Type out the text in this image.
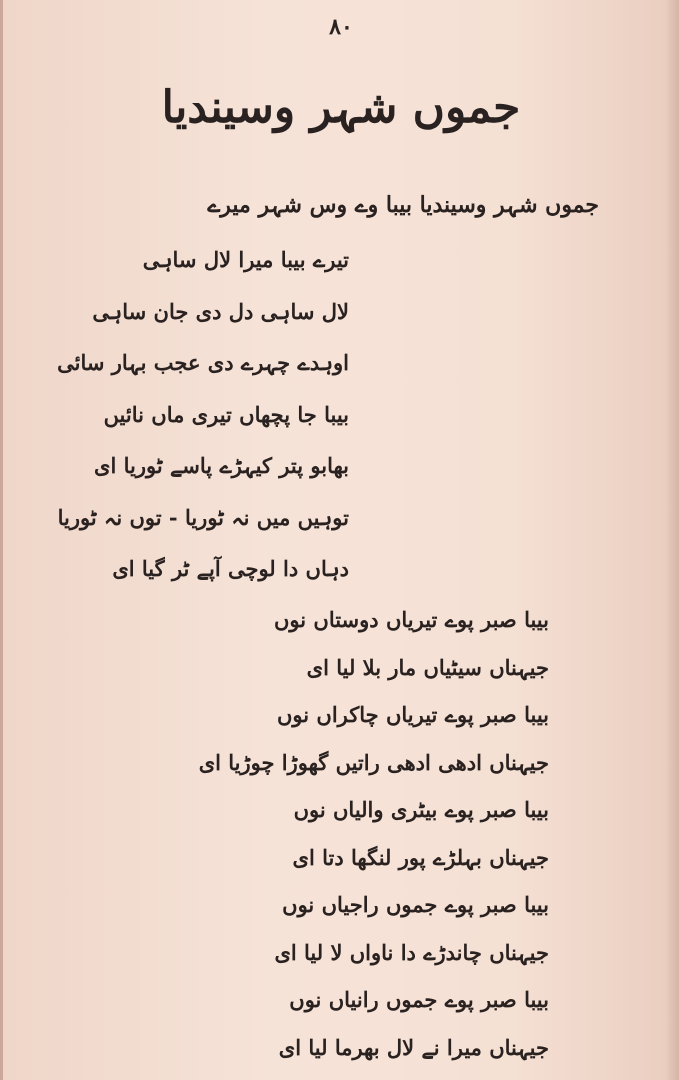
۸۰
جموں شہر وسیندیا
جموں شہر وسیندیا بیبا وے وس شہر میرے
تیرے بیبا میرا لال ساہی
لال ساہی دل دی جان ساہی
اوہدے چہرے دی عجب بہار سائی
بیبا جا پچھاں تیری ماں نائیں
بھابو پتر کیہڑے پاسے ٹوریا ای
توہیں میں نہ ٹوریا - توں نہ ٹوریا
دہاں دا لوچی آپے ٹر گیا ای
بیبا صبر پوے تیریاں دوستاں نوں
جیہناں سیٹیاں مار بلا لیا ای
بیبا صبر پوے تیریاں چاکراں نوں
جیہناں ادھی ادھی راتیں گھوڑا چوڑیا ای
بیبا صبر پوے بیٹری والیاں نوں
جیہناں بہلڑے پور لنگھا دتا ای
بیبا صبر پوے جموں راجیاں نوں
جیہناں چاندڑے دا ناواں لا لیا ای
بیبا صبر پوے جموں رانیاں نوں
جیہناں میرا نے لال بھرما لیا ای
